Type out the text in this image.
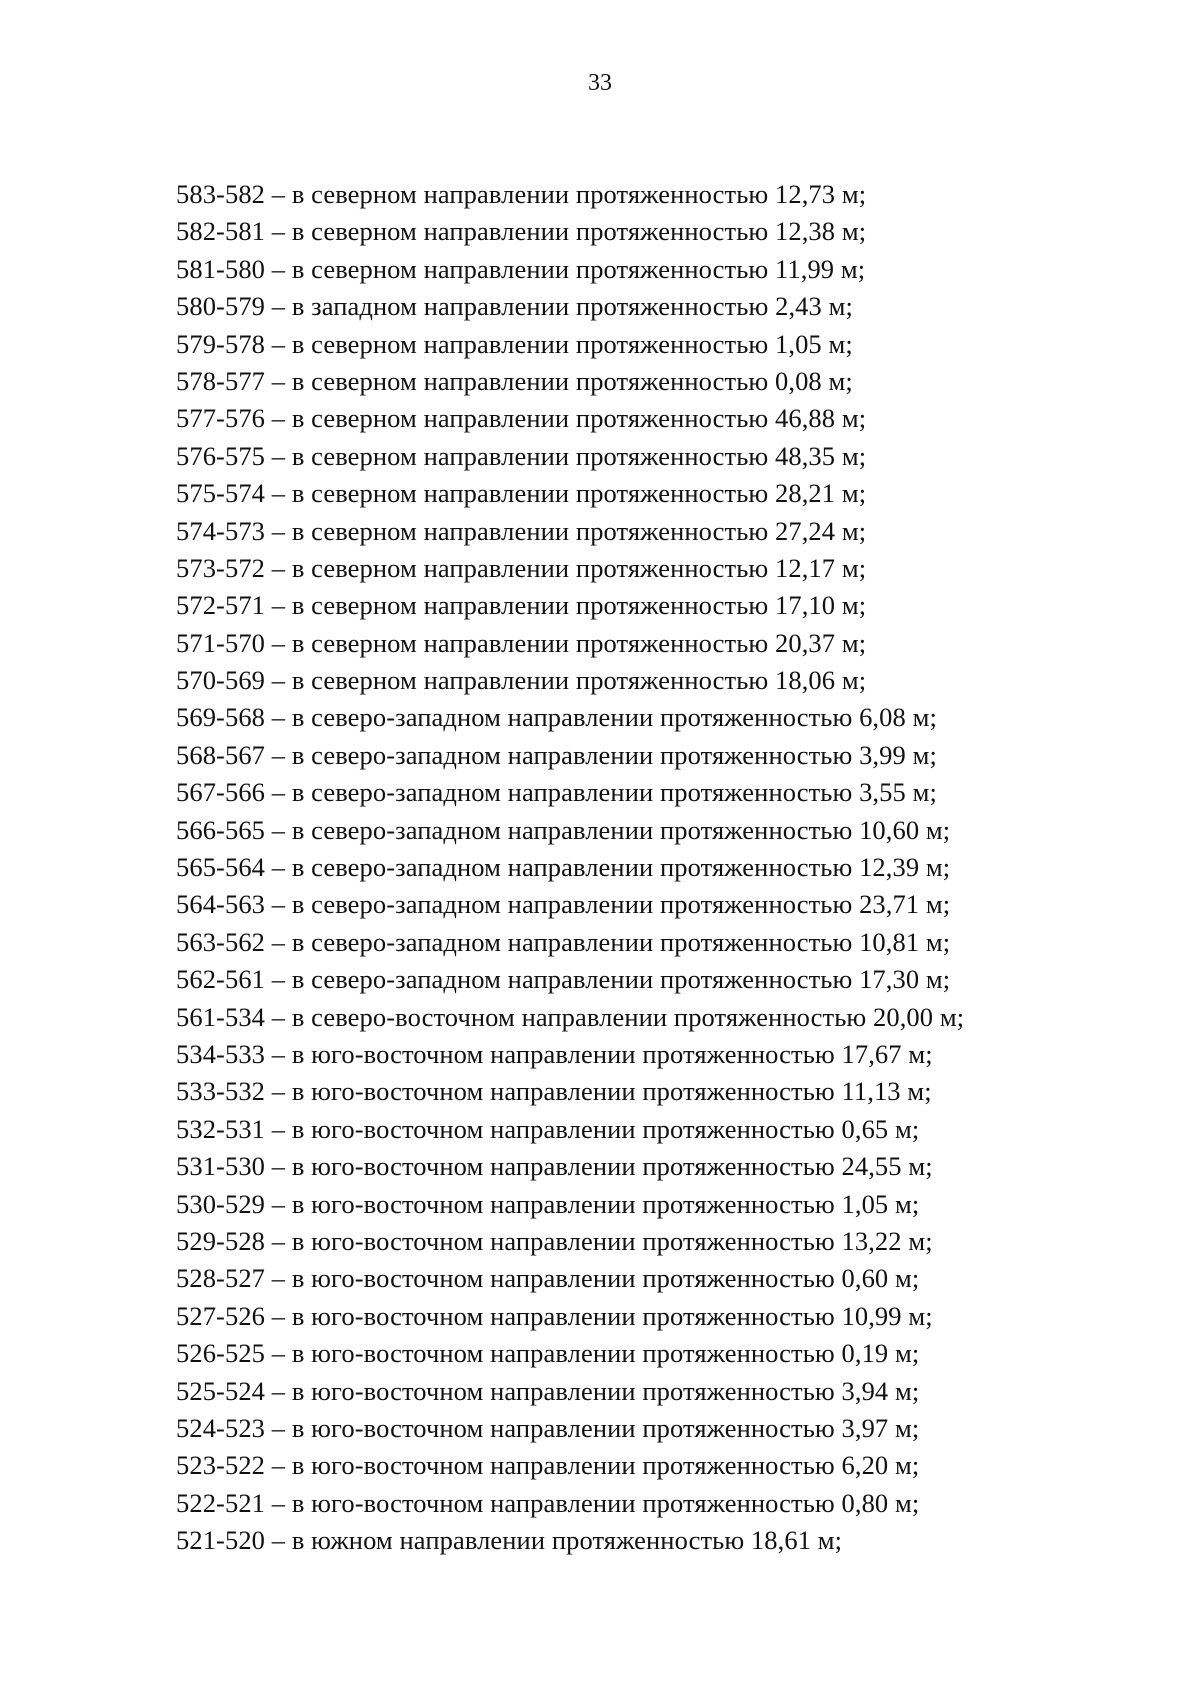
33
583-582 – в северном направлении протяженностью 12,73 м;
582-581 – в северном направлении протяженностью 12,38 м;
581-580 – в северном направлении протяженностью 11,99 м;
580-579 – в западном направлении протяженностью 2,43 м;
579-578 – в северном направлении протяженностью 1,05 м;
578-577 – в северном направлении протяженностью 0,08 м;
577-576 – в северном направлении протяженностью 46,88 м;
576-575 – в северном направлении протяженностью 48,35 м;
575-574 – в северном направлении протяженностью 28,21 м;
574-573 – в северном направлении протяженностью 27,24 м;
573-572 – в северном направлении протяженностью 12,17 м;
572-571 – в северном направлении протяженностью 17,10 м;
571-570 – в северном направлении протяженностью 20,37 м;
570-569 – в северном направлении протяженностью 18,06 м;
569-568 – в северо-западном направлении протяженностью 6,08 м;
568-567 – в северо-западном направлении протяженностью 3,99 м;
567-566 – в северо-западном направлении протяженностью 3,55 м;
566-565 – в северо-западном направлении протяженностью 10,60 м;
565-564 – в северо-западном направлении протяженностью 12,39 м;
564-563 – в северо-западном направлении протяженностью 23,71 м;
563-562 – в северо-западном направлении протяженностью 10,81 м;
562-561 – в северо-западном направлении протяженностью 17,30 м;
561-534 – в северо-восточном направлении протяженностью 20,00 м;
534-533 – в юго-восточном направлении протяженностью 17,67 м;
533-532 – в юго-восточном направлении протяженностью 11,13 м;
532-531 – в юго-восточном направлении протяженностью 0,65 м;
531-530 – в юго-восточном направлении протяженностью 24,55 м;
530-529 – в юго-восточном направлении протяженностью 1,05 м;
529-528 – в юго-восточном направлении протяженностью 13,22 м;
528-527 – в юго-восточном направлении протяженностью 0,60 м;
527-526 – в юго-восточном направлении протяженностью 10,99 м;
526-525 – в юго-восточном направлении протяженностью 0,19 м;
525-524 – в юго-восточном направлении протяженностью 3,94 м;
524-523 – в юго-восточном направлении протяженностью 3,97 м;
523-522 – в юго-восточном направлении протяженностью 6,20 м;
522-521 – в юго-восточном направлении протяженностью 0,80 м;
521-520 – в южном направлении протяженностью 18,61 м;
